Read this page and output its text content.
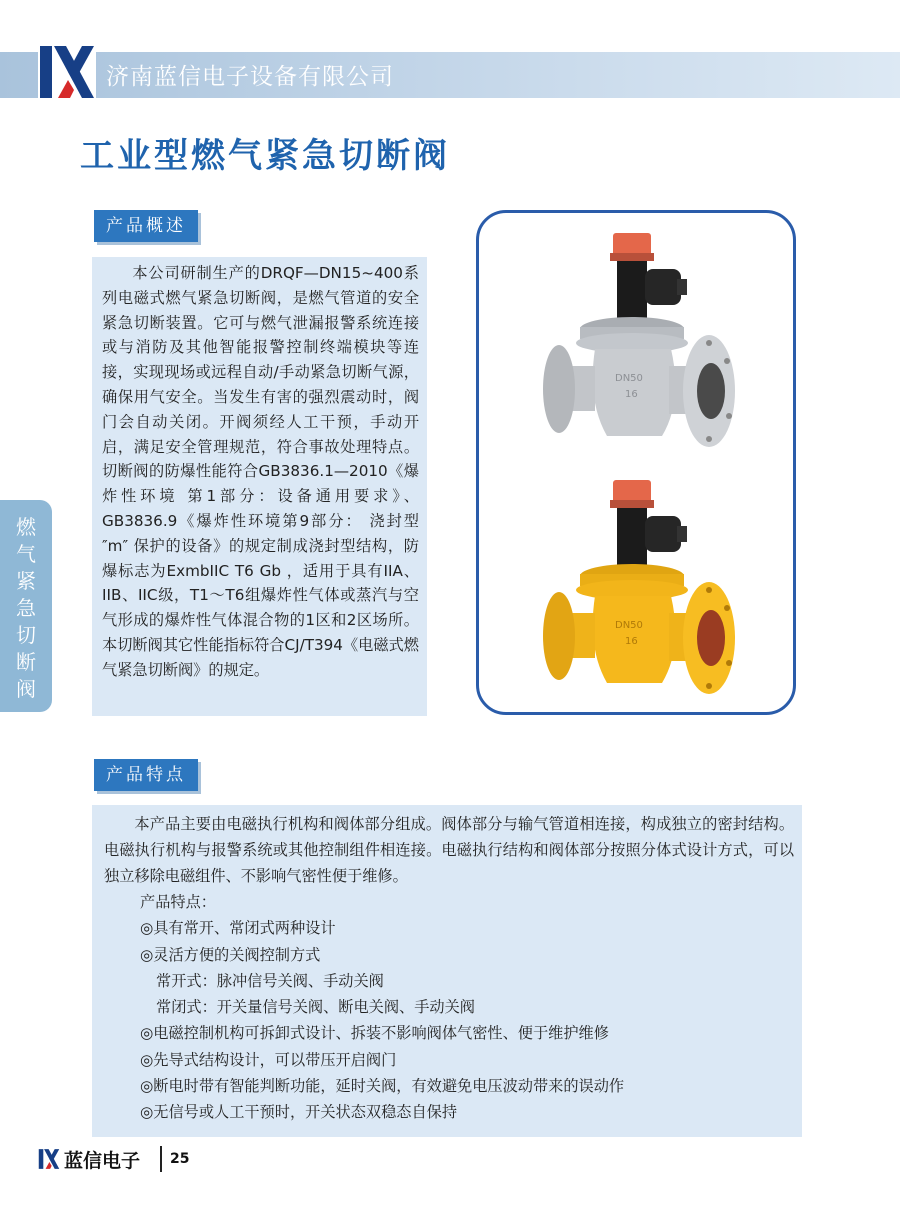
济南蓝信电子设备有限公司
工业型燃气紧急切断阀
产品概述

本公司研制生产的DRQF—DN15~400系列电磁式燃气紧急切断阀，是燃气管道的安全紧急切断装置。它可与燃气泄漏报警系统连接或与消防及其他智能报警控制终端模块等连接，实现现场或远程自动/手动紧急切断气源，确保用气安全。当发生有害的强烈震动时，阀门会自动关闭。开阀须经人工干预，手动开启，满足安全管理规范，符合事故处理特点。切断阀的防爆性能符合GB3836.1—2010《爆炸性环境 第1部分：设备通用要求》、GB3836.9《爆炸性环境第9部分： 浇封型 ″m″ 保护的设备》的规定制成浇封型结构，防爆标志为ExmbIIC T6 Gb ，适用于具有IIA、IIB、IIC级，T1～T6组爆炸性气体或蒸汽与空气形成的爆炸性气体混合物的1区和2区场所。本切断阀其它性能指标符合CJ/T394《电磁式燃气紧急切断阀》的规定。

DN50
16
DN50
16
燃
气
紧
急
切
断
阀
产品特点

本产品主要由电磁执行机构和阀体部分组成。阀体部分与输气管道相连接，构成独立的密封结构。电磁执行机构与报警系统或其他控制组件相连接。电磁执行结构和阀体部分按照分体式设计方式，可以独立移除电磁组件、不影响气密性便于维修。

产品特点：
◎具有常开、常闭式两种设计
◎灵活方便的关阀控制方式
常开式：脉冲信号关阀、手动关阀
常闭式：开关量信号关阀、断电关阀、手动关阀
◎电磁控制机构可拆卸式设计、拆装不影响阀体气密性、便于维护维修
◎先导式结构设计，可以带压开启阀门
◎断电时带有智能判断功能，延时关阀，有效避免电压波动带来的误动作
◎无信号或人工干预时，开关状态双稳态自保持
蓝信电子 25
